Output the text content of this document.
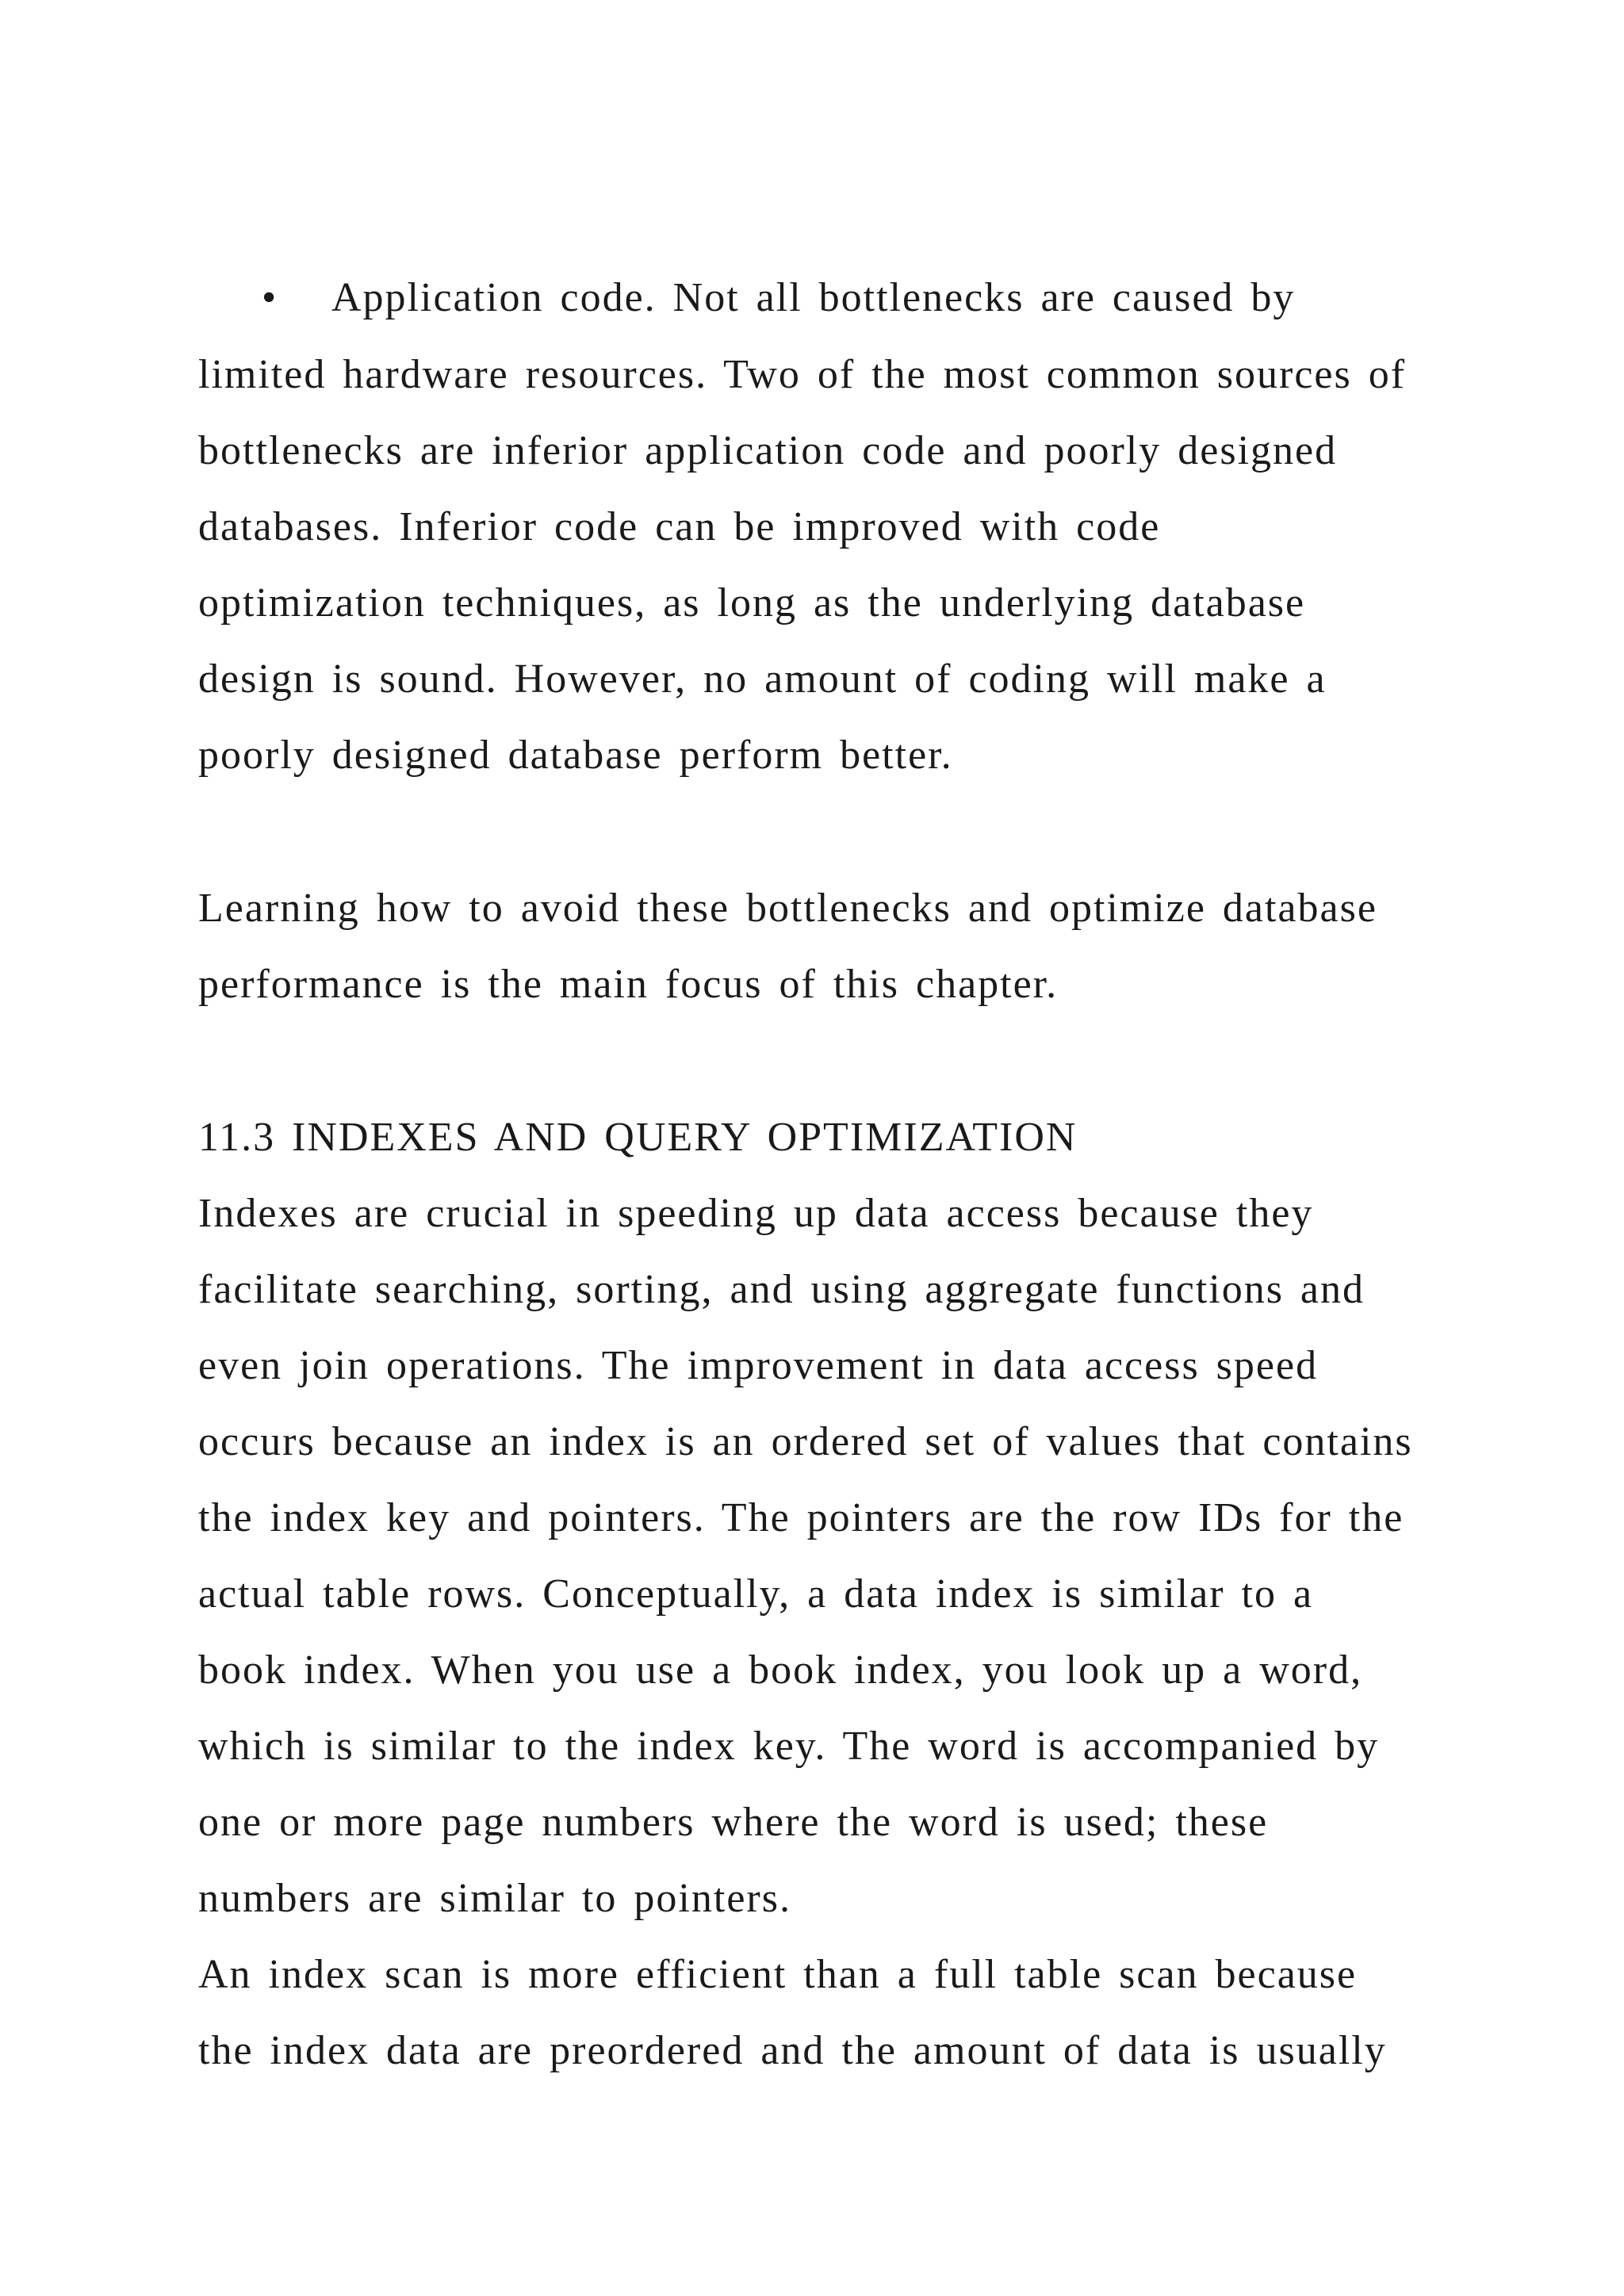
• Application code. Not all bottlenecks are caused by
limited hardware resources. Two of the most common sources of
bottlenecks are inferior application code and poorly designed
databases. Inferior code can be improved with code
optimization techniques, as long as the underlying database
design is sound. However, no amount of coding will make a
poorly designed database perform better.
Learning how to avoid these bottlenecks and optimize database
performance is the main focus of this chapter.
11.3 INDEXES AND QUERY OPTIMIZATION
Indexes are crucial in speeding up data access because they
facilitate searching, sorting, and using aggregate functions and
even join operations. The improvement in data access speed
occurs because an index is an ordered set of values that contains
the index key and pointers. The pointers are the row IDs for the
actual table rows. Conceptually, a data index is similar to a
book index. When you use a book index, you look up a word,
which is similar to the index key. The word is accompanied by
one or more page numbers where the word is used; these
numbers are similar to pointers.
An index scan is more efficient than a full table scan because
the index data are preordered and the amount of data is usually
